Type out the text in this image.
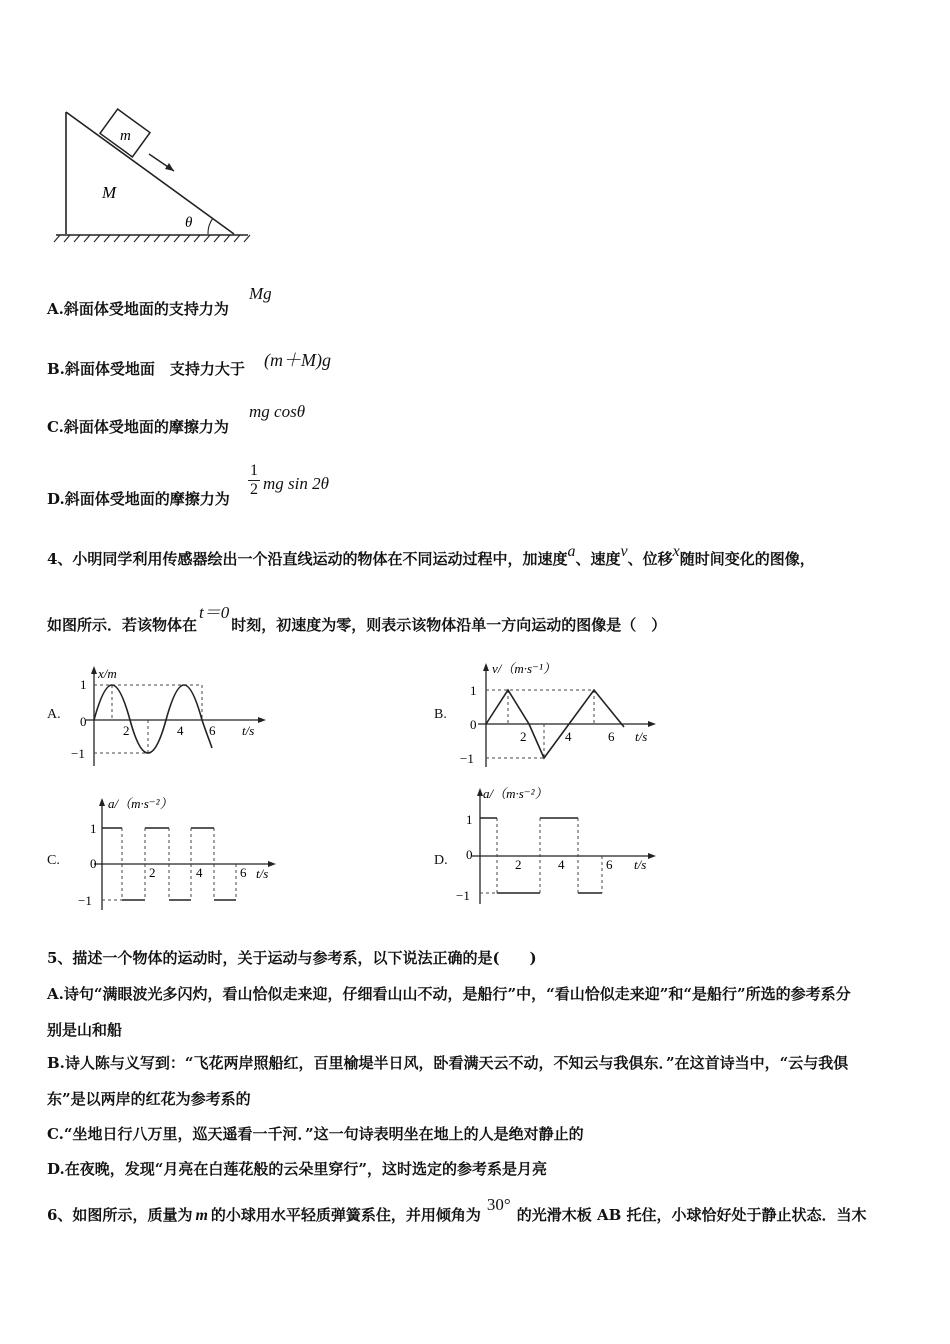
m
M
θ
A.斜面体受地面的支持力为
Mg
B.斜面体受地面　支持力大于 (m＋M)g
C.斜面体受地面的摩擦力为
mg cosθ
D.斜面体受地面的摩擦力为
1
2 mg sin 2θ
4、小明同学利用传感器绘出一个沿直线运动的物体在不同运动过程中，加速度a、速度v、位移x随时间变化的图像，
如图所示．若该物体在t＝0时刻，初速度为零，则表示该物体沿单一方向运动的图像是（　）
A.
x/m
t/s
1
0
−1
2	4 6
B.
v/（m·s⁻¹）
t/s
1
0
−1
2	4	6
C.
a/（m·s⁻²）
t/s
1
0
−1
2	4	6
D.
a/（m·s⁻²）
t/s
1
0
−1
2	4	6
5、描述一个物体的运动时，关于运动与参考系，以下说法正确的是(　　)
A.诗句“满眼波光多闪灼，看山恰似走来迎，仔细看山山不动，是船行”中，“看山恰似走来迎”和“是船行”所选的参考系分
别是山和船
B.诗人陈与义写到：“飞花两岸照船红，百里榆堤半日风，卧看满天云不动，不知云与我俱东．”在这首诗当中，“云与我俱
东”是以两岸的红花为参考系的
C.“坐地日行八万里，巡天遥看一千河．”这一句诗表明坐在地上的人是绝对静止的
D.在夜晚，发现“月亮在白莲花般的云朵里穿行”，这时选定的参考系是月亮
6、如图所示，质量为 m 的小球用水平轻质弹簧系住，并用倾角为30°的光滑木板 AB 托住，小球恰好处于静止状态．当木
